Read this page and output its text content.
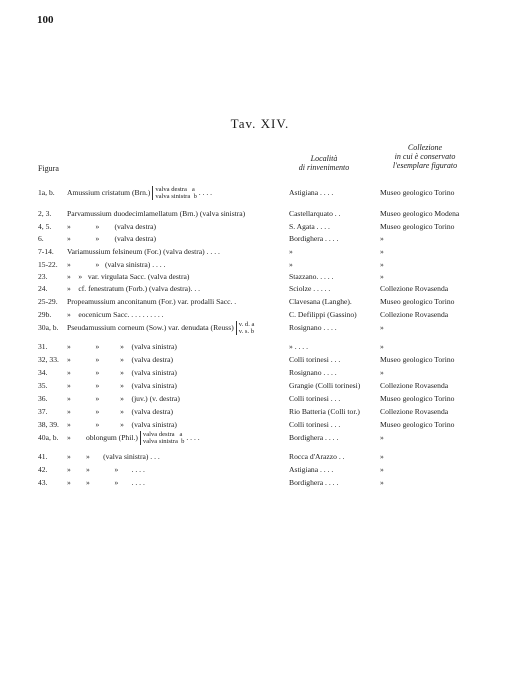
100
Tav. XIV.
Figura
Località
di rinvenimento
Collezione
in cui è conservato
l'esemplare figurato
1a, b. Amussium cristatum (Brn.) valva destra   a
valva sinistra  b . . . .	Astigiana . . . .	Museo geologico Torino
2, 3. Parvamussium duodecimlamellatum (Brn.) (valva sinistra)	Castellarquato . .	Museo geologico Modena
4, 5. »             »        (valva destra)	S. Agata . . . .	Museo geologico Torino
6.	»             »        (valva destra)	Bordighera . . . .	»
7-14. Variamussium felsineum (For.) (valva destra) . . . .	»	»
15-22. »             »   (valva sinistra) . . . .	»	»
23.	»    »   var. virgulata Sacc. (valva destra)	Stazzano. . . . .	»
24.	»    cf. fenestratum (Forb.) (valva destra). . .	Sciolze . . . . .	Collezione Rovasenda
25-29. Propeamussium anconitanum (For.) var. prodalli Sacc. .	Clavesana (Langhe).	Museo geologico Torino
29b. »    eocenicum Sacc. . . . . . . . . .	C. Defilippi (Gassino)	Collezione Rovasenda
30a, b. Pseudamussium corneum (Sow.) var. denudata (Reuss) v. d. a
v. s. b	Rosignano . . . .	»
31.	»             »           »    (valva sinistra)	» . . . .	»
32, 33. »             »           »    (valva destra)	Colli torinesi . . .	Museo geologico Torino
34.	»             »           »    (valva sinistra)	Rosignano . . . .	»
35.	»             »           »    (valva sinistra)	Grangie (Colli torinesi)	Collezione Rovasenda
36.	»             »           »    (juv.) (v. destra)	Colli torinesi . . .	Museo geologico Torino
37.	»             »           »    (valva destra)	Rio Batteria (Colli tor.)	Collezione Rovasenda
38, 39. »             »           »    (valva sinistra)	Colli torinesi . . .	Museo geologico Torino
40a, b. »        oblongum (Phil.) valva destra   a
valva sinistra  b . . . .	Bordighera . . . .	»
41.	»        »       (valva sinistra) . . .	Rocca d'Arazzo . .	»
42.	»        »             »       . . . .	Astigiana . . . .	»
43.	»        »             »       . . . .	Bordighera . . . .	»
